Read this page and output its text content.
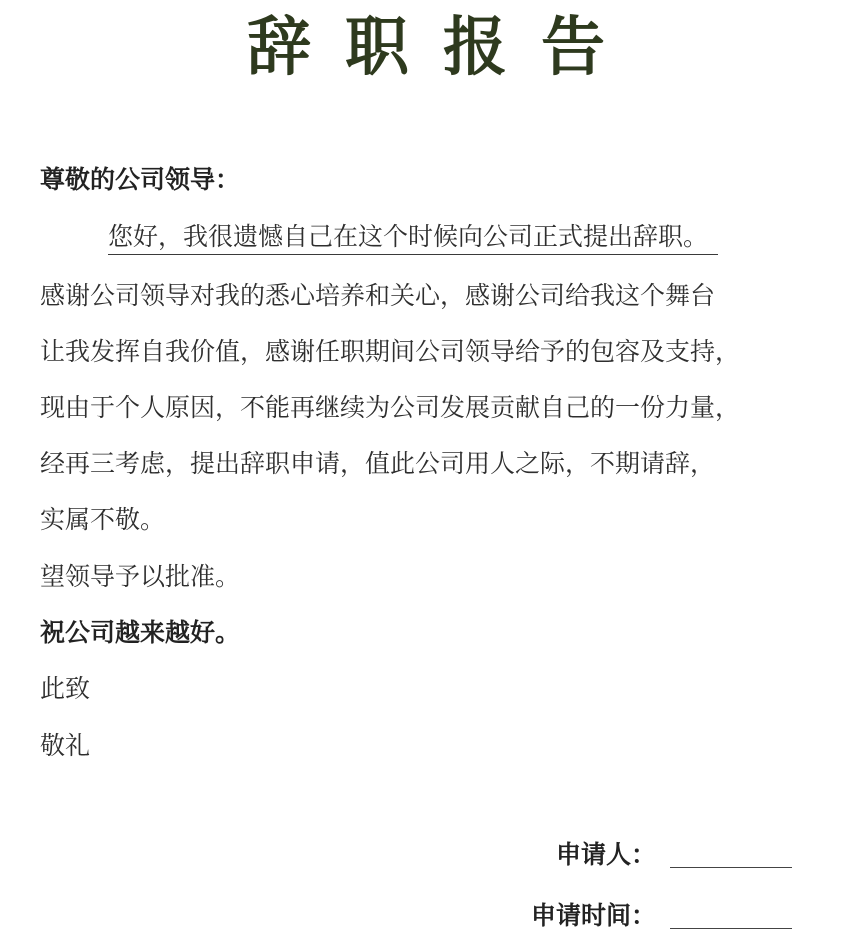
辞职报告
尊敬的公司领导：
您好，我很遗憾自己在这个时候向公司正式提出辞职。
感谢公司领导对我的悉心培养和关心，感谢公司给我这个舞台
让我发挥自我价值，感谢任职期间公司领导给予的包容及支持，
现由于个人原因，不能再继续为公司发展贡献自己的一份力量，
经再三考虑，提出辞职申请，值此公司用人之际，不期请辞，
实属不敬。
望领导予以批准。
祝公司越来越好。
此致
敬礼
申请人：
申请时间：
